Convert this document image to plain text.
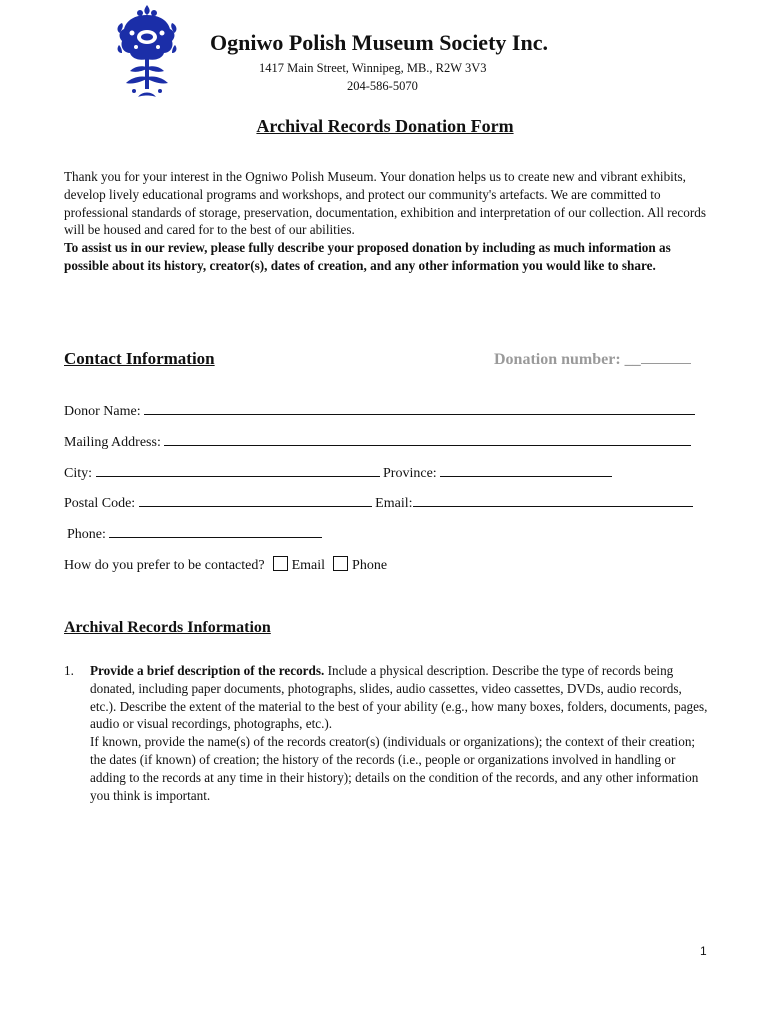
Ogniwo Polish Museum Society Inc.
1417 Main Street, Winnipeg, MB., R2W 3V3
204-586-5070
Archival Records Donation Form

Thank you for your interest in the Ogniwo Polish Museum. Your donation helps us to create new and vibrant exhibits, develop lively educational programs and workshops, and protect our community's artefacts. We are committed to professional standards of storage, preservation, documentation, exhibition and interpretation of our collection. All records will be housed and cared for to the best of our abilities.

To assist us in our review, please fully describe your proposed donation by including as much information as possible about its history, creator(s), dates of creation, and any other information you would like to share.

Contact Information	Donation number: __
Donor Name:
Mailing Address:
City:	Province:
Postal Code:	Email:
Phone:
How do you prefer to be contacted? Email Phone
Archival Records Information
1. Provide a brief description of the records. Include a physical description. Describe the type of records being donated, including paper documents, photographs, slides, audio cassettes, video cassettes, DVDs, audio records, etc.). Describe the extent of the material to the best of your ability (e.g., how many boxes, folders, documents, pages, audio or visual recordings, photographs, etc.).

If known, provide the name(s) of the records creator(s) (individuals or organizations); the context of their creation; the dates (if known) of creation; the history of the records (i.e., people or organizations involved in handling or adding to the records at any time in their history); details on the condition of the records, and any other information you think is important.

1
